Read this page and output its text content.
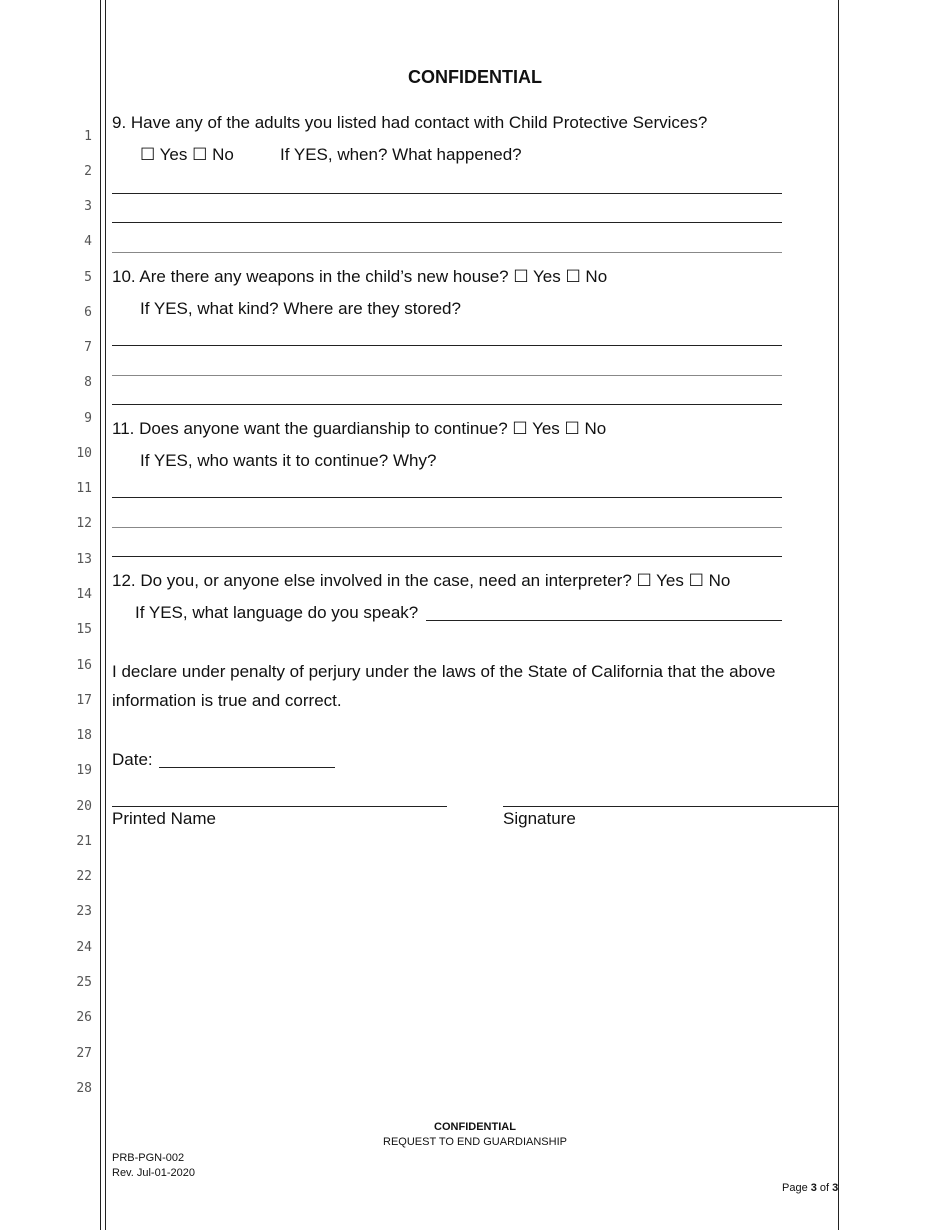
1
2
3
4
5
6
7
8
9
10
11
12
13
14
15
16
17
18
19
20
21
22
23
24
25
26
27
28
CONFIDENTIAL
9. Have any of the adults you listed had contact with Child Protective Services?
☐ Yes ☐ No	If YES, when? What happened?
10. Are there any weapons in the child’s new house? ☐ Yes ☐ No
If YES, what kind? Where are they stored?
11. Does anyone want the guardianship to continue? ☐ Yes ☐ No
If YES, who wants it to continue? Why?
12. Do you, or anyone else involved in the case, need an interpreter? ☐ Yes ☐ No
If YES, what language do you speak?
I declare under penalty of perjury under the laws of the State of California that the above
information is true and correct.
Date:
Printed Name	Signature
CONFIDENTIAL
REQUEST TO END GUARDIANSHIP
PRB-PGN-002
Rev. Jul-01-2020
Page 3 of 3
